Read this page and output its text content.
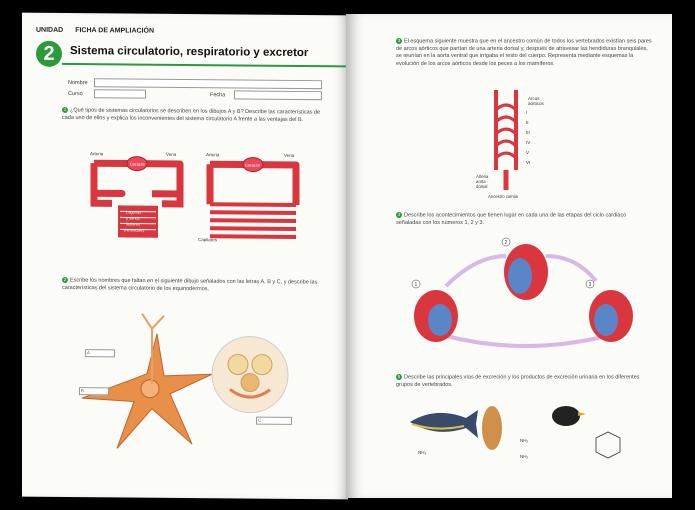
UNIDAD FICHA DE AMPLIACIÓN
2	Sistema circulatorio, respiratorio y excretor
Nombre
Curso	Fecha
1 ¿Qué tipos de sistemas circulatorios se describen en los dibujos A y B? Describe las características de cada uno de ellos y explica los inconvenientes del sistema circulatorio A frente a las ventajas del B.
Arteria	Vena
Corazón
Lagunas
y senos
titulares
(hemocele)
Arteria	Vena
Corazón
Capilares
2 Escribe los nombres que faltan en el siguiente dibujo señalados con las letras A, B y C, y describe las características del sistema circulatorio de los equinodermos.
A
B
C
3 El esquema siguiente muestra que en el ancestro común de todos los vertebrados existían seis pares de arcos aórticos que partían de una arteria dorsal y, después de atravesar las hendiduras branquiales, se reunían en la aorta ventral que irrigaba el resto del cuerpo. Representa mediante esquemas la evolución de los arcos aórticos desde los peces a los mamíferos.
Arcos
aórticos
I
II
III
IV
V
VI
Arteria
aorta
dorsal
Ancestro común
4 Describe los acontecimientos que tienen lugar en cada una de las etapas del ciclo cardiaco señaladas con los números 1, 2 y 3.
1
2
3
5 Describe las principales vías de excreción y los productos de excreción urinaria en los diferentes grupos de vertebrados.
NH₃
NH₂
NH₂
